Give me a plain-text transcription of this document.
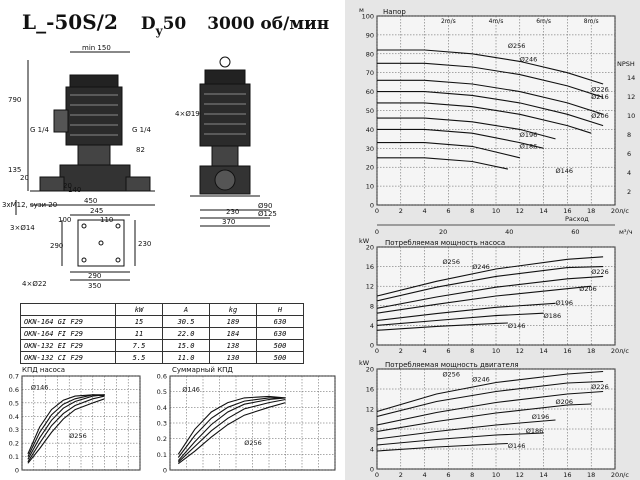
L_-50S/2 $D_y50$ 3000 об/мин
min 150
790
G 1/4	G 1/4
4×Ø19
135
20
82
450
245
110
100
140
20
Ø90
Ø125
370
230
290
290	230
350
3×Ø14
4×Ø22
3xM12, sузи 20
	kW	A	kg	H
OKN-164 GI F29	15	30.5	189	630
OKN-164 FI F29	11	22.0	184	630
OKN-132 EI F29	7.5	15.0	138	500
OKN-132 CI F29	5.5	11.0	130	500
0
0.1
0.2
0.3
0.4
0.5
0.6
0.7
КПД насоса
Ø146
Ø256
0
0.1
0.2
0.3
0.4
0.5
0.6
Суммарный КПД
Ø146
Ø256
0
10
20
30
40
50
60
70
80
90
100
0	2	4	6	8	10 12 14 16 18 20
Напор
м
л/с
NPSH
14
12
10
8
6
4
2
2m/s	4m/s	6m/s	8m/s
0	20	40	60
Расход
м³/ч
Ø256
Ø246
Ø226
Ø216
Ø206
Ø196
Ø186
Ø146
0
4
8
12
16
20
0	2	4	6	8	10 12 14 16 18 20
Потребляемая мощность насоса
kW
л/с
Ø256
Ø246
Ø226
Ø206
Ø196
Ø186
Ø146
0
4
8
12
16
20
0	2	4	6	8	10 12 14 16 18 20
Потребляемая мощность двигателя
kW
л/с
Ø256
Ø246
Ø226
Ø206
Ø196
Ø186
Ø146
